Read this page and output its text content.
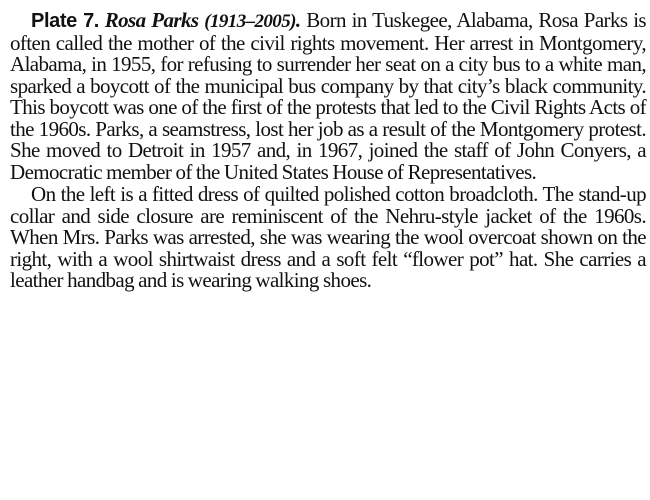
Plate 7. Rosa Parks (1913–2005). Born in Tuskegee, Alabama, Rosa Parks is often called the mother of the civil rights movement. Her arrest in Montgomery, Alabama, in 1955, for refusing to surrender her seat on a city bus to a white man, sparked a boycott of the municipal bus company by that city’s black community. This boycott was one of the first of the protests that led to the Civil Rights Acts of the 1960s. Parks, a seamstress, lost her job as a result of the Montgomery protest. She moved to Detroit in 1957 and, in 1967, joined the staff of John Conyers, a Democratic member of the United States House of Representatives.

On the left is a fitted dress of quilted polished cotton broadcloth. The stand-up collar and side closure are reminiscent of the Nehru-style jacket of the 1960s. When Mrs. Parks was arrested, she was wearing the wool overcoat shown on the right, with a wool shirtwaist dress and a soft felt “flower pot” hat. She carries a leather handbag and is wearing walking shoes.
